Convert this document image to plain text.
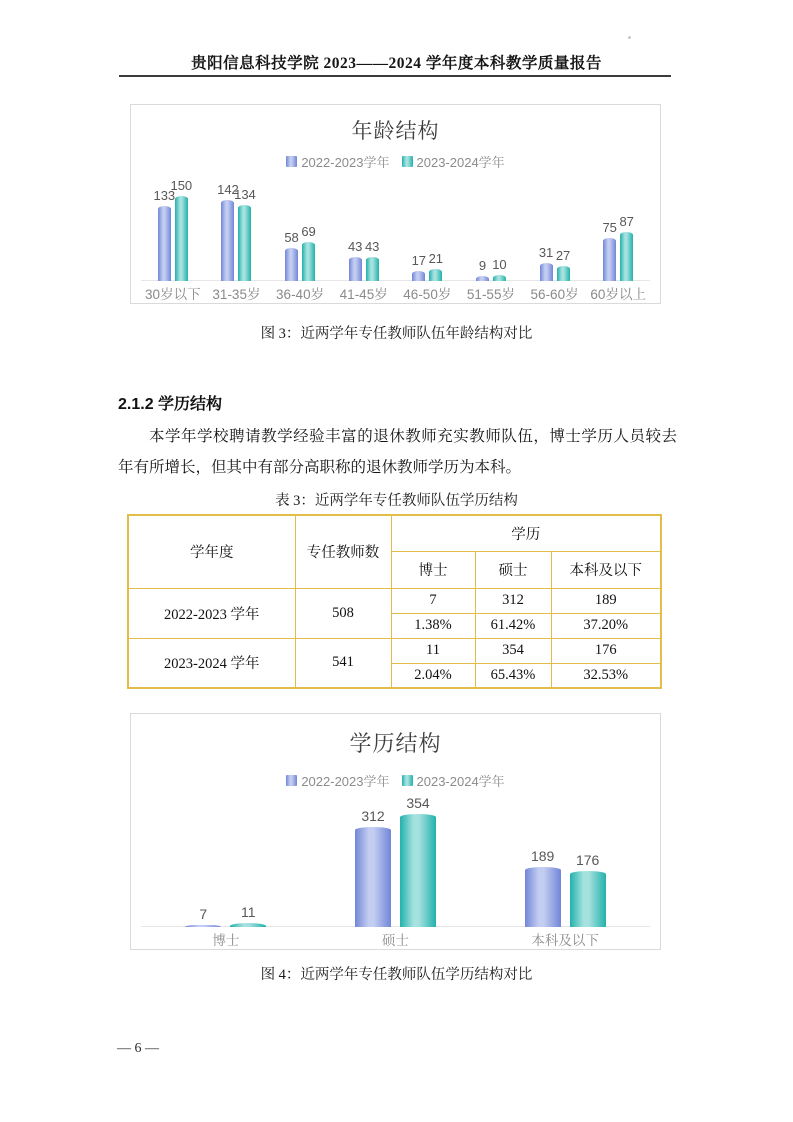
贵阳信息科技学院 2023——2024 学年度本科教学质量报告
年龄结构
2022-2023学年 2023-2024学年
30岁以下
133
150
31-35岁
142
134
36-40岁
58 69
41-45岁
43 43
46-50岁
17 21
51-55岁
9 10
56-60岁
31 27
60岁以上
75 87
图 3：近两学年专任教师队伍年龄结构对比
2.1.2 学历结构
本学年学校聘请教学经验丰富的退休教师充实教师队伍，博士学历人员较去
年有所增长，但其中有部分高职称的退休教师学历为本科。
表 3：近两学年专任教师队伍学历结构
学年度	专任教师数	学历		
		博士	硕士	本科及以下
2022-2023 学年	508	7	312	189
		1.38%	61.42%	37.20%
2023-2024 学年	541	11	354	176
		2.04%	65.43%	32.53%
学历结构
2022-2023学年 2023-2024学年
博士
7 11
硕士
312
354
本科及以下
189 176
图 4：近两学年专任教师队伍学历结构对比
— 6 —
